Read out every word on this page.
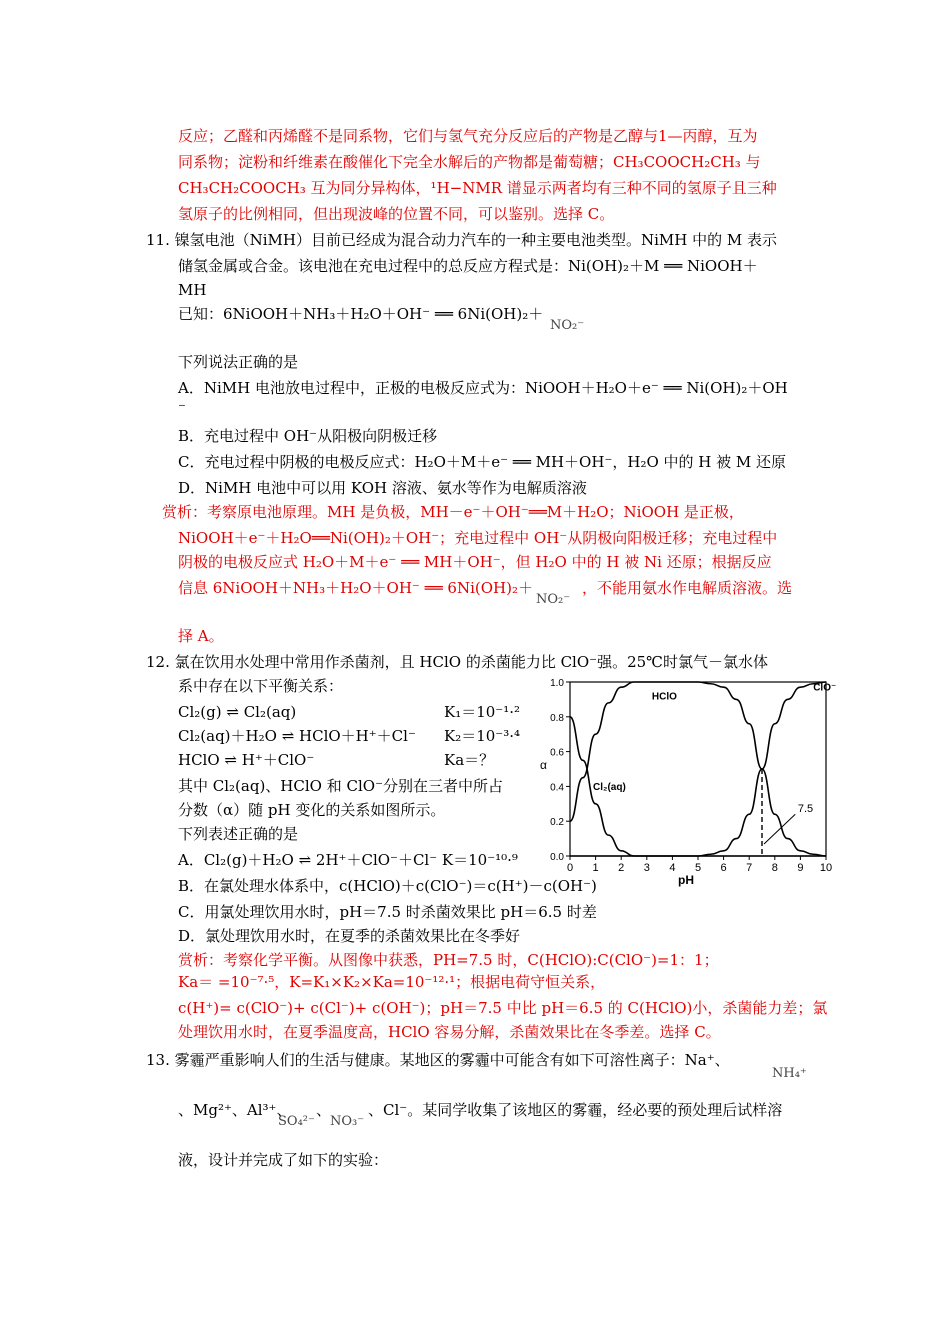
反应；乙醛和丙烯醛不是同系物，它们与氢气充分反应后的产物是乙醇与1—丙醇，互为
同系物；淀粉和纤维素在酸催化下完全水解后的产物都是葡萄糖；CH₃COOCH₂CH₃ 与
CH₃CH₂COOCH₃ 互为同分异构体，¹H−NMR 谱显示两者均有三种不同的氢原子且三种
氢原子的比例相同，但出现波峰的位置不同，可以鉴别。选择 C。
11. 镍氢电池（NiMH）目前已经成为混合动力汽车的一种主要电池类型。NiMH 中的 M 表示
储氢金属或合金。该电池在充电过程中的总反应方程式是：Ni(OH)₂＋M ══ NiOOH＋
MH
已知：6NiOOH＋NH₃＋H₂O＋OH⁻ ══ 6Ni(OH)₂＋
NO₂⁻
下列说法正确的是
A．NiMH 电池放电过程中，正极的电极反应式为：NiOOH＋H₂O＋e⁻ ══ Ni(OH)₂＋OH
⁻
B．充电过程中 OH⁻从阳极向阴极迁移
C．充电过程中阴极的电极反应式：H₂O＋M＋e⁻ ══ MH＋OH⁻，H₂O 中的 H 被 M 还原
D．NiMH 电池中可以用 KOH 溶液、氨水等作为电解质溶液
赏析：考察原电池原理。MH 是负极，MH－e⁻＋OH⁻══M＋H₂O；NiOOH 是正极，
NiOOH＋e⁻＋H₂O══Ni(OH)₂＋OH⁻；充电过程中 OH⁻从阴极向阳极迁移；充电过程中
阴极的电极反应式 H₂O＋M＋e⁻ ══ MH＋OH⁻，但 H₂O 中的 H 被 Ni 还原；根据反应
信息 6NiOOH＋NH₃＋H₂O＋OH⁻ ══ 6Ni(OH)₂＋
NO₂⁻
，不能用氨水作电解质溶液。选
择 A。
12. 氯在饮用水处理中常用作杀菌剂，且 HClO 的杀菌能力比 ClO⁻强。25℃时氯气－氯水体
系中存在以下平衡关系：
Cl₂(g) ⇌ Cl₂(aq)	K₁＝10⁻¹·²
Cl₂(aq)＋H₂O ⇌ HClO＋H⁺＋Cl⁻ K₂＝10⁻³·⁴
HClO ⇌ H⁺＋ClO⁻	Ka＝？
其中 Cl₂(aq)、HClO 和 ClO⁻分别在三者中所占
分数（α）随 pH 变化的关系如图所示。
下列表述正确的是
A．Cl₂(g)＋H₂O ⇌ 2H⁺＋ClO⁻＋Cl⁻ K＝10⁻¹⁰·⁹
B．在氯处理水体系中，c(HClO)＋c(ClO⁻)＝c(H⁺)－c(OH⁻)
C．用氯处理饮用水时，pH＝7.5 时杀菌效果比 pH＝6.5 时差
D．氯处理饮用水时，在夏季的杀菌效果比在冬季好
赏析：考察化学平衡。从图像中获悉，PH=7.5 时，C(HClO):C(ClO⁻)=1：1；
Ka＝ =10⁻⁷·⁵，K=K₁×K₂×Ka=10⁻¹²·¹；根据电荷守恒关系，
c(H⁺)= c(ClO⁻)+ c(Cl⁻)+ c(OH⁻)；pH＝7.5 中比 pH＝6.5 的 C(HClO)小，杀菌能力差；氯
处理饮用水时，在夏季温度高，HClO 容易分解，杀菌效果比在冬季差。选择 C。
0 1 2 3 4 5 6 7 8 9 10
0.0
0.2
0.4
0.6
0.8
1.0
pH
α
Cl₂(aq)
HClO
ClO⁻
7.5
13. 雾霾严重影响人们的生活与健康。某地区的雾霾中可能含有如下可溶性离子：Na⁺、
NH₄⁺
、Mg²⁺、Al³⁺、
SO₄²⁻
、
NO₃⁻
、Cl⁻。某同学收集了该地区的雾霾，经必要的预处理后试样溶
液，设计并完成了如下的实验：
